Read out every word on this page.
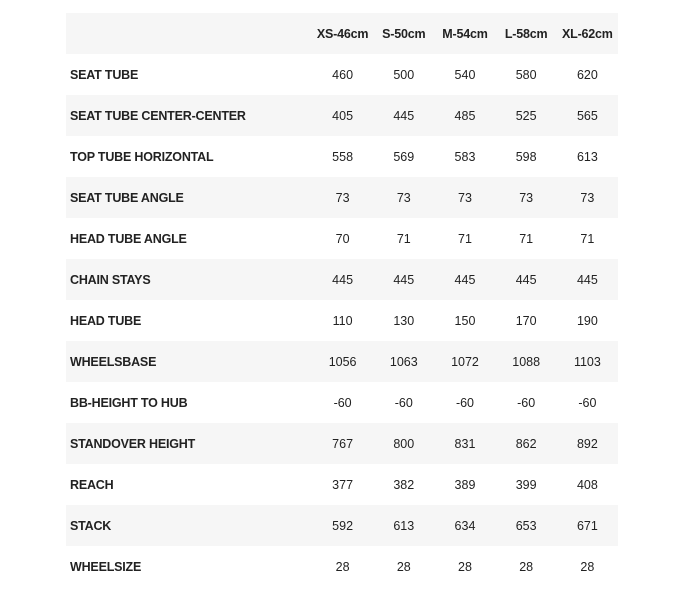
	XS-46cm	S-50cm	M-54cm	L-58cm	XL-62cm
SEAT TUBE	460	500	540	580	620
SEAT TUBE CENTER-CENTER	405	445	485	525	565
TOP TUBE HORIZONTAL	558	569	583	598	613
SEAT TUBE ANGLE	73	73	73	73	73
HEAD TUBE ANGLE	70	71	71	71	71
CHAIN STAYS	445	445	445	445	445
HEAD TUBE	110	130	150	170	190
WHEELSBASE	1056	1063	1072	1088	1103
BB-HEIGHT TO HUB	-60	-60	-60	-60	-60
STANDOVER HEIGHT	767	800	831	862	892
REACH	377	382	389	399	408
STACK	592	613	634	653	671
WHEELSIZE	28	28	28	28	28
